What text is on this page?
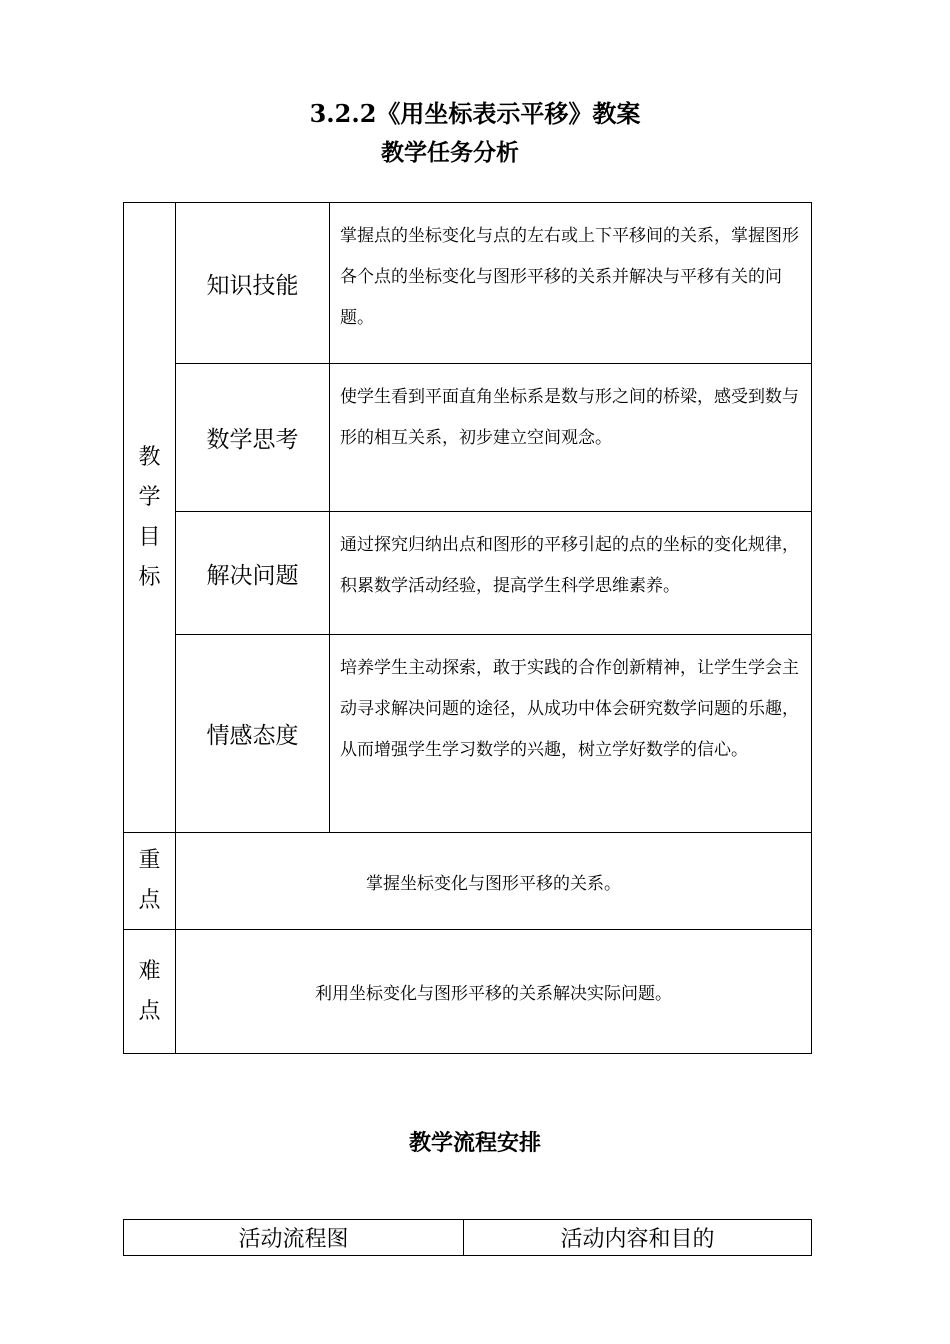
3.2.2《用坐标表示平移》教案
教学任务分析
教学目标	知识技能	掌握点的坐标变化与点的左右或上下平移间的关系，掌握图形各个点的坐标变化与图形平移的关系并解决与平移有关的问题。
	数学思考	使学生看到平面直角坐标系是数与形之间的桥梁，感受到数与形的相互关系，初步建立空间观念。
	解决问题	通过探究归纳出点和图形的平移引起的点的坐标的变化规律，积累数学活动经验，提高学生科学思维素养。
	情感态度	培养学生主动探索，敢于实践的合作创新精神，让学生学会主动寻求解决问题的途径，从成功中体会研究数学问题的乐趣，从而增强学生学习数学的兴趣，树立学好数学的信心。

重点	掌握坐标变化与图形平移的关系。	

难点	利用坐标变化与图形平移的关系解决实际问题。	
教学流程安排
活动流程图	活动内容和目的
